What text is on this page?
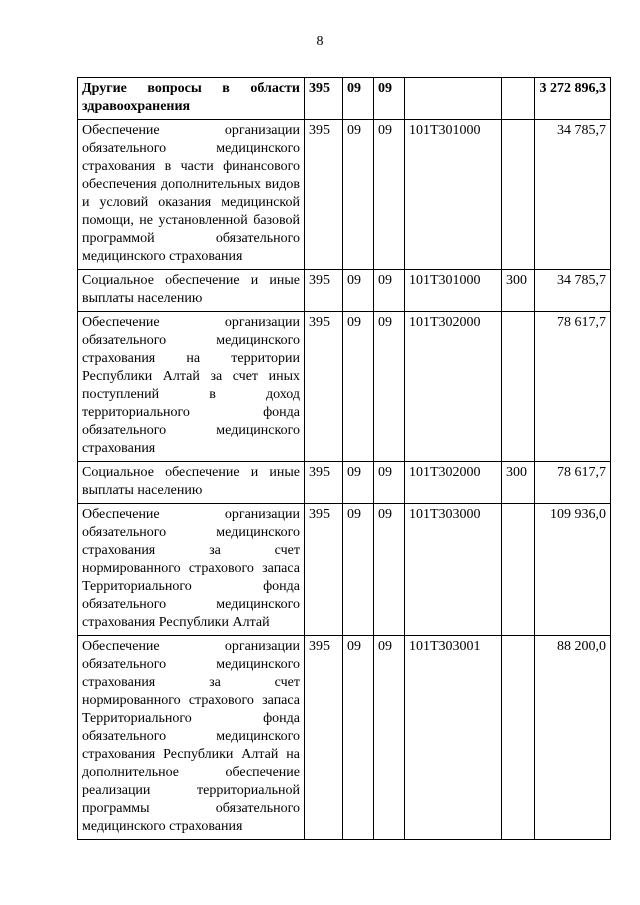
8
Другие вопросы в области здравоохранения	395	09	09			3 272 896,3
Обеспечение организации обязательного медицинского страхования в части финансового обеспечения дополнительных видов и условий оказания медицинской помощи, не установленной базовой программой обязательного медицинского страхования	395	09	09	101Т301000		34 785,7
Социальное обеспечение и иные выплаты населению	395	09	09	101Т301000	300	34 785,7
Обеспечение организации обязательного медицинского страхования на территории Республики Алтай за счет иных поступлений в доход территориального фонда обязательного медицинского страхования	395	09	09	101Т302000		78 617,7
Социальное обеспечение и иные выплаты населению	395	09	09	101Т302000	300	78 617,7
Обеспечение организации обязательного медицинского страхования за счет нормированного страхового запаса Территориального фонда обязательного медицинского страхования Республики Алтай	395	09	09	101Т303000		109 936,0
Обеспечение организации обязательного медицинского страхования за счет нормированного страхового запаса Территориального фонда обязательного медицинского страхования Республики Алтай на дополнительное обеспечение реализации территориальной программы обязательного медицинского страхования	395	09	09	101Т303001		88 200,0
